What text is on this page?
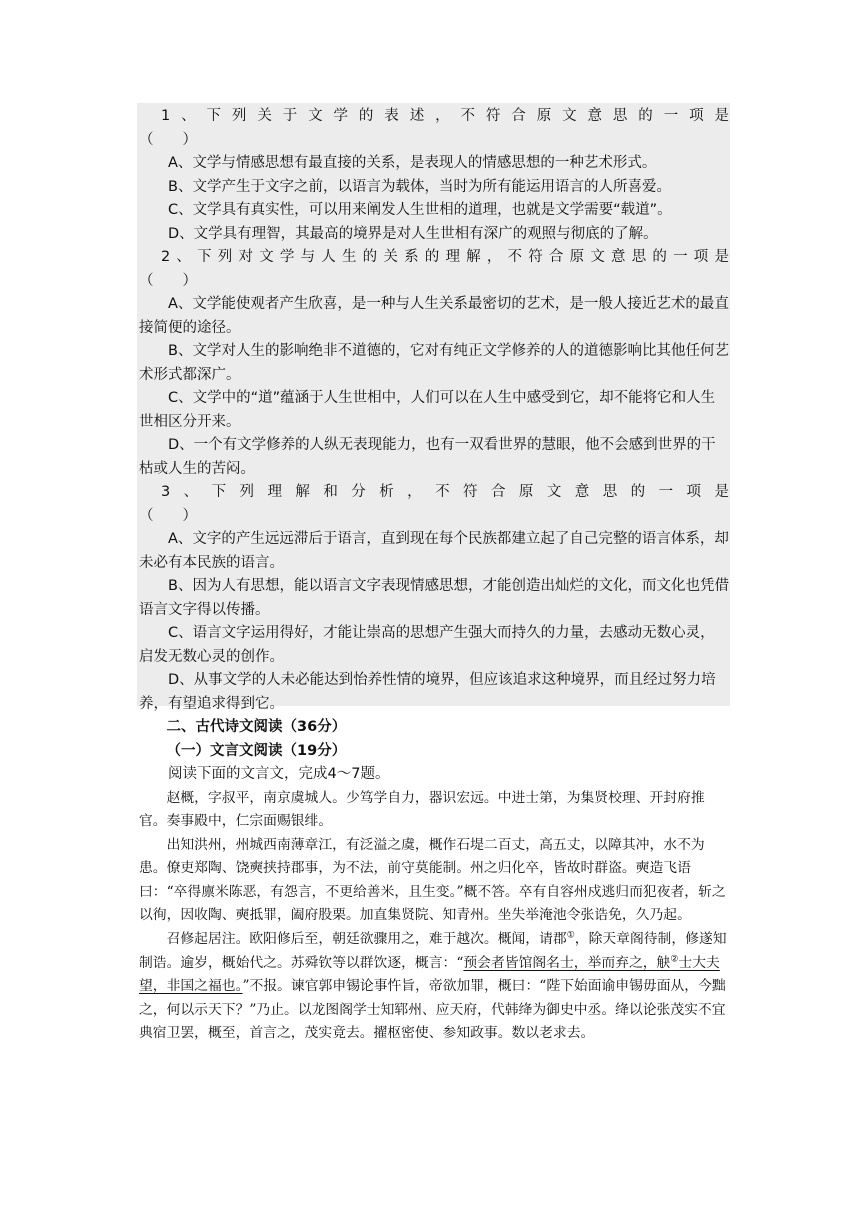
1、下列关于文学的表述，不符合原文意思的一项是

（　　）

A、文学与情感思想有最直接的关系，是表现人的情感思想的一种艺术形式。

B、文学产生于文字之前，以语言为载体，当时为所有能运用语言的人所喜爱。

C、文学具有真实性，可以用来阐发人生世相的道理，也就是文学需要“载道”。

D、文学具有理智，其最高的境界是对人生世相有深广的观照与彻底的了解。

2、下列对文学与人生的关系的理解，不符合原文意思的一项是

（　　）

A、文学能使观者产生欣喜，是一种与人生关系最密切的艺术，是一般人接近艺术的最直接简便的途径。

B、文学对人生的影响绝非不道德的，它对有纯正文学修养的人的道德影响比其他任何艺术形式都深广。

C、文学中的“道”蕴涵于人生世相中，人们可以在人生中感受到它，却不能将它和人生世相区分开来。

D、一个有文学修养的人纵无表现能力，也有一双看世界的慧眼，他不会感到世界的干枯或人生的苦闷。

3、下列理解和分析，不符合原文意思的一项是

（　　）

A、文字的产生远远滞后于语言，直到现在每个民族都建立起了自己完整的语言体系，却未必有本民族的语言。

B、因为人有思想，能以语言文字表现情感思想，才能创造出灿烂的文化，而文化也凭借语言文字得以传播。

C、语言文字运用得好，才能让崇高的思想产生强大而持久的力量，去感动无数心灵，启发无数心灵的创作。

D、从事文学的人未必能达到怡养性情的境界，但应该追求这种境界，而且经过努力培养，有望追求得到它。

二、古代诗文阅读（36分）

（一）文言文阅读（19分）

阅读下面的文言文，完成4～7题。

赵概，字叔平，南京虞城人。少笃学自力，器识宏远。中进士第，为集贤校理、开封府推官。奏事殿中，仁宗面赐银绯。

出知洪州，州城西南薄章江，有泛溢之虞，概作石堤二百丈，高五丈，以障其冲，水不为患。僚吏郑陶、饶奭挟持郡事，为不法，前守莫能制。州之归化卒，皆故时群盗。奭造飞语曰：“卒得廪米陈恶，有怨言，不更给善米，且生变。”概不答。卒有自容州戍逃归而犯夜者，斩之以徇，因收陶、奭抵罪，阖府股栗。加直集贤院、知青州。坐失举淹池令张诰免，久乃起。

召修起居注。欧阳修后至，朝廷欲骤用之，难于越次。概闻，请郡①，除天章阁待制，修遂知制诰。逾岁，概始代之。苏舜钦等以群饮逐，概言：“预会者皆馆阁名士，举而弃之，觖②士大夫望，非国之福也。”不报。谏官郭申锡论事忤旨，帝欲加罪，概曰：“陛下始面谕申锡毋面从，今黜之，何以示天下？”乃止。以龙图阁学士知郓州、应天府，代韩绛为御史中丞。绛以论张茂实不宜典宿卫罢，概至，首言之，茂实竟去。擢枢密使、参知政事。数以老求去。
